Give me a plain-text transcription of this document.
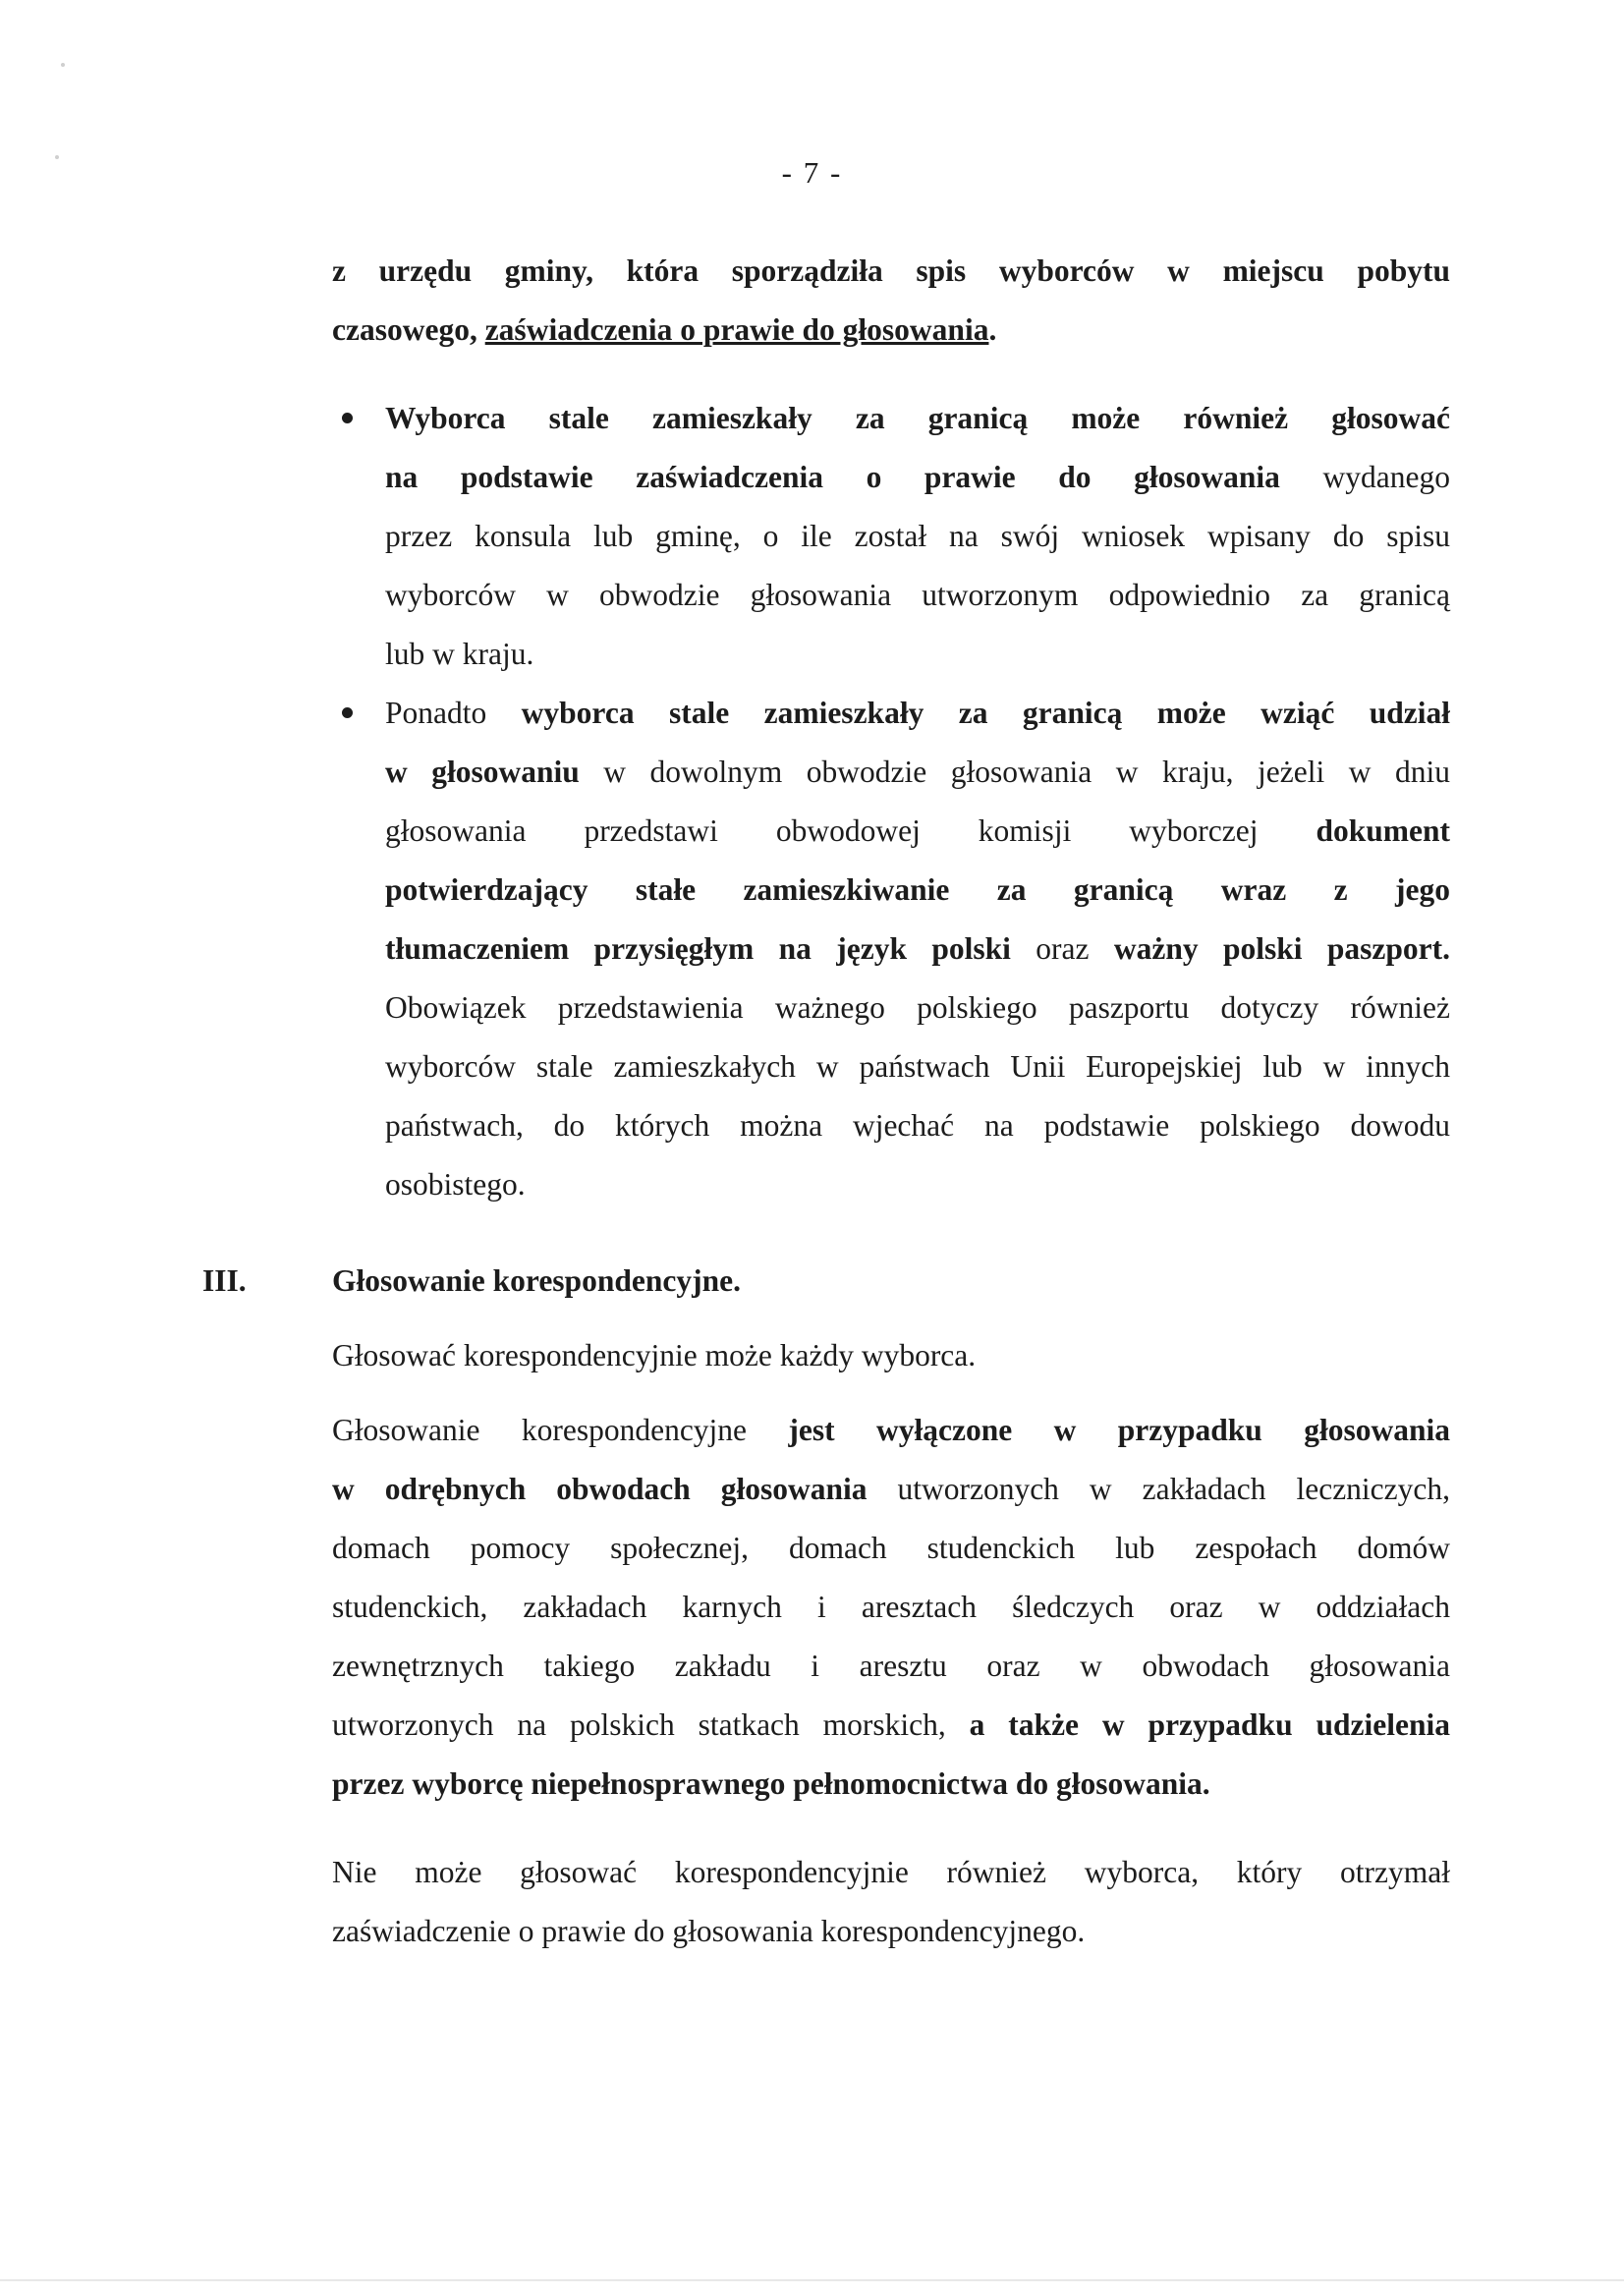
- 7 -

z urzędu gminy, która sporządziła spis wyborców w miejscu pobytu

czasowego, zaświadczenia o prawie do głosowania.

Wyborca stale zamieszkały za granicą może również głosować

na podstawie zaświadczenia o prawie do głosowania wydanego

przez konsula lub gminę, o ile został na swój wniosek wpisany do spisu

wyborców w obwodzie głosowania utworzonym odpowiednio za granicą

lub w kraju.

Ponadto wyborca stale zamieszkały za granicą może wziąć udział

w głosowaniu w dowolnym obwodzie głosowania w kraju, jeżeli w dniu

głosowania przedstawi obwodowej komisji wyborczej dokument

potwierdzający stałe zamieszkiwanie za granicą wraz z jego

tłumaczeniem przysięgłym na język polski oraz ważny polski paszport.

Obowiązek przedstawienia ważnego polskiego paszportu dotyczy również

wyborców stale zamieszkałych w państwach Unii Europejskiej lub w innych

państwach, do których można wjechać na podstawie polskiego dowodu

osobistego.

III.	Głosowanie korespondencyjne.

Głosować korespondencyjnie może każdy wyborca.

Głosowanie korespondencyjne jest wyłączone w przypadku głosowania

w odrębnych obwodach głosowania utworzonych w zakładach leczniczych,

domach pomocy społecznej, domach studenckich lub zespołach domów

studenckich, zakładach karnych i aresztach śledczych oraz w oddziałach

zewnętrznych takiego zakładu i aresztu oraz w obwodach głosowania

utworzonych na polskich statkach morskich, a także w przypadku udzielenia

przez wyborcę niepełnosprawnego pełnomocnictwa do głosowania.

Nie może głosować korespondencyjnie również wyborca, który otrzymał

zaświadczenie o prawie do głosowania korespondencyjnego.
